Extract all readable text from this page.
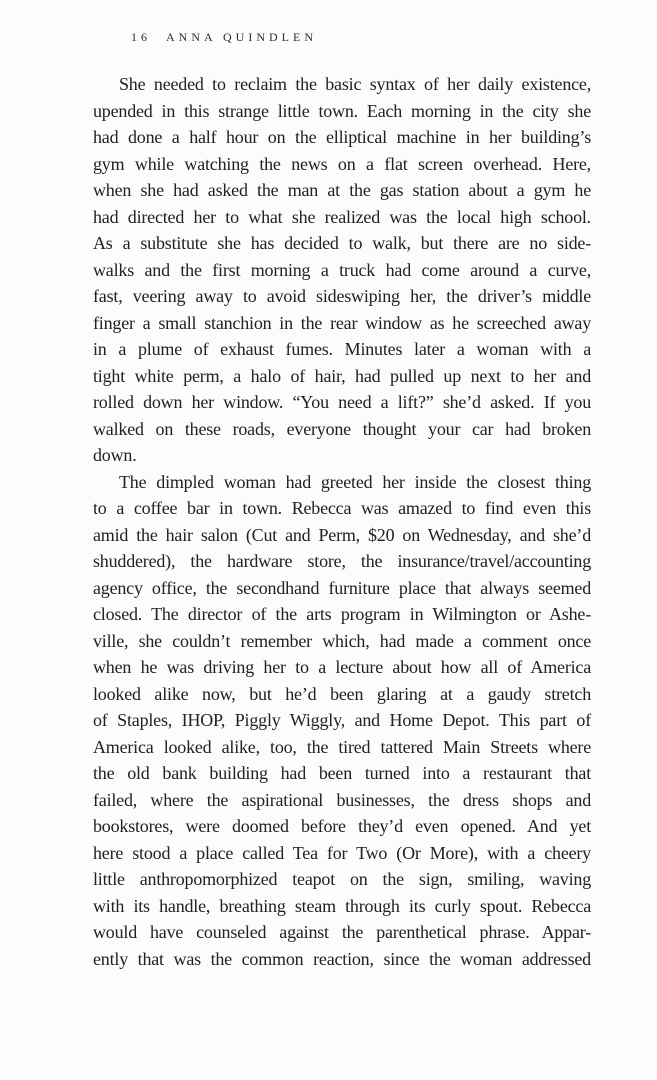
16 ANNA QUINDLEN
She needed to reclaim the basic syntax of her daily existence,
upended in this strange little town. Each morning in the city she
had done a half hour on the elliptical machine in her building’s
gym while watching the news on a flat screen overhead. Here,
when she had asked the man at the gas station about a gym he
had directed her to what she realized was the local high school.
As a substitute she has decided to walk, but there are no side-
walks and the first morning a truck had come around a curve,
fast, veering away to avoid sideswiping her, the driver’s middle
finger a small stanchion in the rear window as he screeched away
in a plume of exhaust fumes. Minutes later a woman with a
tight white perm, a halo of hair, had pulled up next to her and
rolled down her window. “You need a lift?” she’d asked. If you
walked on these roads, everyone thought your car had broken
down.
The dimpled woman had greeted her inside the closest thing
to a coffee bar in town. Rebecca was amazed to find even this
amid the hair salon (Cut and Perm, $20 on Wednesday, and she’d
shuddered), the hardware store, the insurance/travel/accounting
agency office, the secondhand furniture place that always seemed
closed. The director of the arts program in Wilmington or Ashe-
ville, she couldn’t remember which, had made a comment once
when he was driving her to a lecture about how all of America
looked alike now, but he’d been glaring at a gaudy stretch
of Staples, IHOP, Piggly Wiggly, and Home Depot. This part of
America looked alike, too, the tired tattered Main Streets where
the old bank building had been turned into a restaurant that
failed, where the aspirational businesses, the dress shops and
bookstores, were doomed before they’d even opened. And yet
here stood a place called Tea for Two (Or More), with a cheery
little anthropomorphized teapot on the sign, smiling, waving
with its handle, breathing steam through its curly spout. Rebecca
would have counseled against the parenthetical phrase. Appar-
ently that was the common reaction, since the woman addressed
